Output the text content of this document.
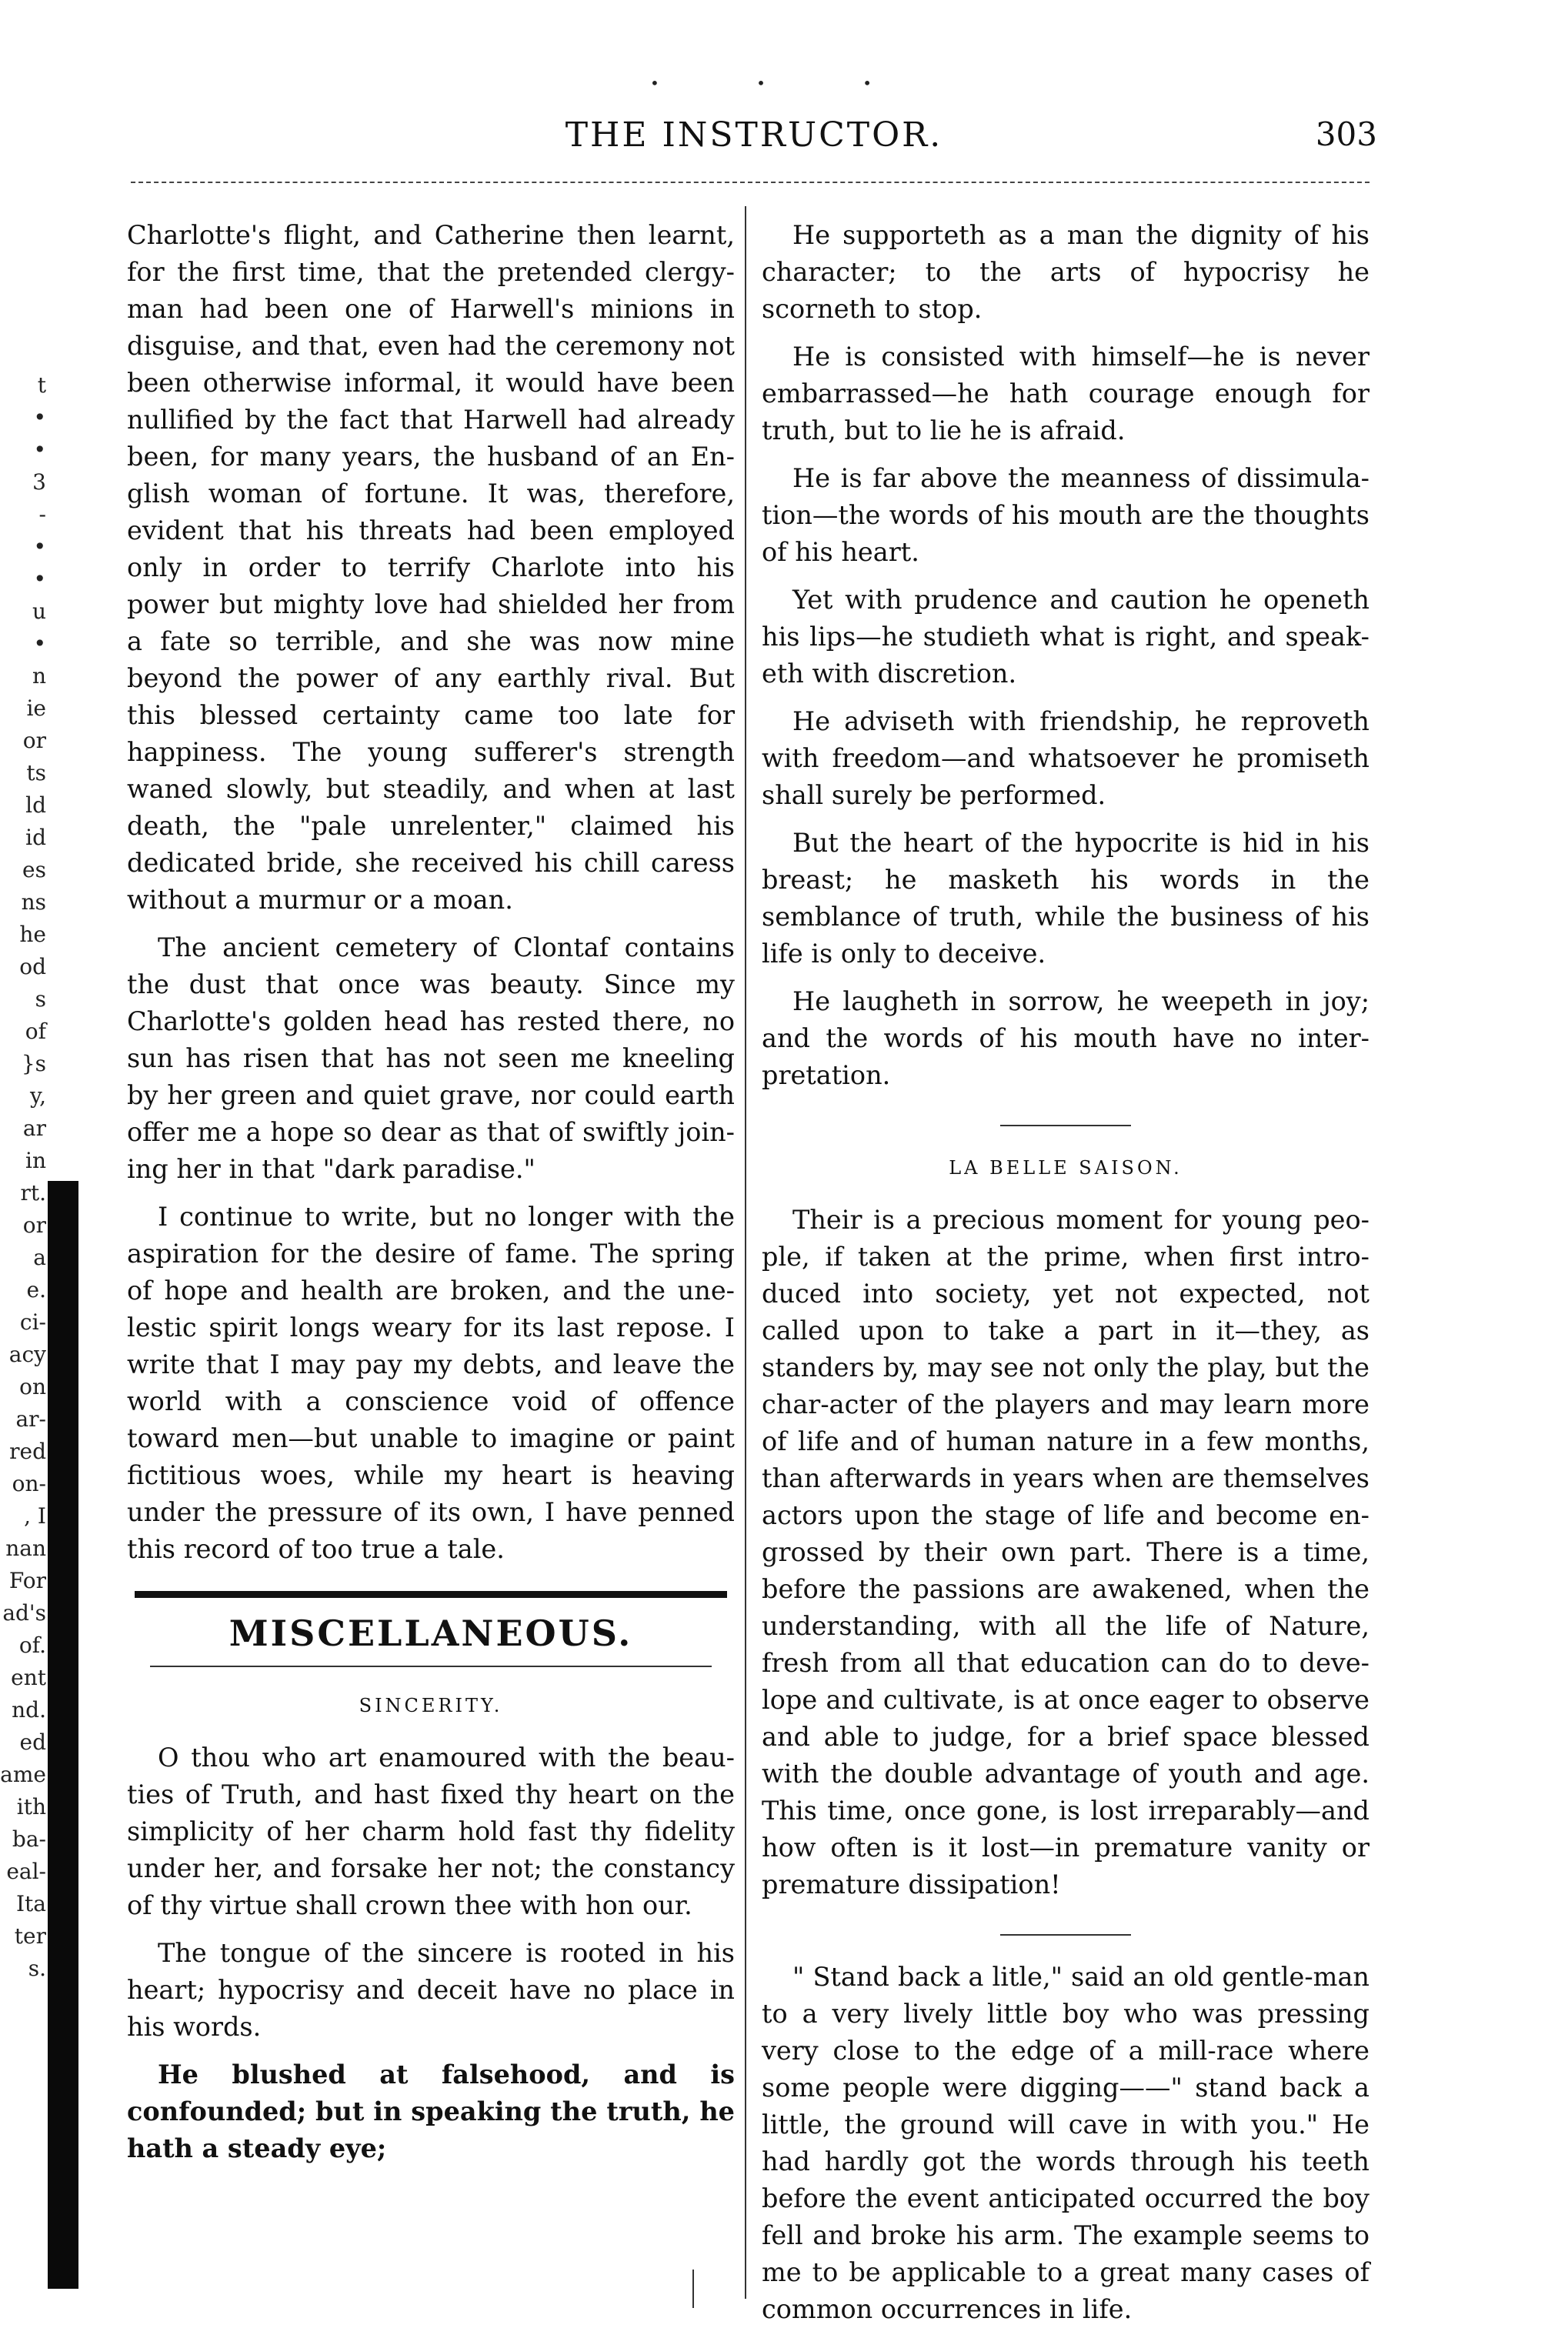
• • •
THE INSTRUCTOR.	303
t
•
•
3
-
•
•
u
•
n
ie
or
ts
ld
id
es
ns
he
od
s
of
}s
y,
ar
in
rt.
or
a
e.
ci-
acy
on
ar-
red
on-
, I
nan
For
ad's
of.
ent
nd.
ed
ame
ith
ba-
eal-
Ita
ter
s.

Charlotte's flight, and Catherine then learnt, for the first time, that the pretended clergy-man had been one of Harwell's minions in disguise, and that, even had the ceremony not been otherwise informal, it would have been nullified by the fact that Harwell had already been, for many years, the husband of an En-glish woman of fortune. It was, therefore, evident that his threats had been employed only in order to terrify Charlote into his power but mighty love had shielded her from a fate so terrible, and she was now mine beyond the power of any earthly rival. But this blessed certainty came too late for happiness. The young sufferer's strength waned slowly, but steadily, and when at last death, the "pale unrelenter," claimed his dedicated bride, she received his chill caress without a murmur or a moan.

The ancient cemetery of Clontaf contains the dust that once was beauty. Since my Charlotte's golden head has rested there, no sun has risen that has not seen me kneeling by her green and quiet grave, nor could earth offer me a hope so dear as that of swiftly join-ing her in that "dark paradise."

I continue to write, but no longer with the aspiration for the desire of fame. The spring of hope and health are broken, and the une-lestic spirit longs weary for its last repose. I write that I may pay my debts, and leave the world with a conscience void of offence toward men—but unable to imagine or paint fictitious woes, while my heart is heaving under the pressure of its own, I have penned this record of too true a tale.

MISCELLANEOUS.
SINCERITY.

O thou who art enamoured with the beau-ties of Truth, and hast fixed thy heart on the simplicity of her charm hold fast thy fidelity under her, and forsake her not; the constancy of thy virtue shall crown thee with hon our.

The tongue of the sincere is rooted in his heart; hypocrisy and deceit have no place in his words.

He blushed at falsehood, and is confounded; but in speaking the truth, he hath a steady eye;

He supporteth as a man the dignity of his character; to the arts of hypocrisy he scorneth to stop.

He is consisted with himself—he is never embarrassed—he hath courage enough for truth, but to lie he is afraid.

He is far above the meanness of dissimula-tion—the words of his mouth are the thoughts of his heart.

Yet with prudence and caution he openeth his lips—he studieth what is right, and speak-eth with discretion.

He adviseth with friendship, he reproveth with freedom—and whatsoever he promiseth shall surely be performed.

But the heart of the hypocrite is hid in his breast; he masketh his words in the semblance of truth, while the business of his life is only to deceive.

He laugheth in sorrow, he weepeth in joy; and the words of his mouth have no inter-pretation.

LA BELLE SAISON.

Their is a precious moment for young peo-ple, if taken at the prime, when first intro-duced into society, yet not expected, not called upon to take a part in it—they, as standers by, may see not only the play, but the char-acter of the players and may learn more of life and of human nature in a few months, than afterwards in years when are themselves actors upon the stage of life and become en-grossed by their own part. There is a time, before the passions are awakened, when the understanding, with all the life of Nature, fresh from all that education can do to deve-lope and cultivate, is at once eager to observe and able to judge, for a brief space blessed with the double advantage of youth and age. This time, once gone, is lost irreparably—and how often is it lost—in premature vanity or premature dissipation!

" Stand back a litle," said an old gentle-man to a very lively little boy who was pressing very close to the edge of a mill-race where some people were digging——" stand back a little, the ground will cave in with you." He had hardly got the words through his teeth before the event anticipated occurred the boy fell and broke his arm. The example seems to me to be applicable to a great many cases of common occurrences in life.
